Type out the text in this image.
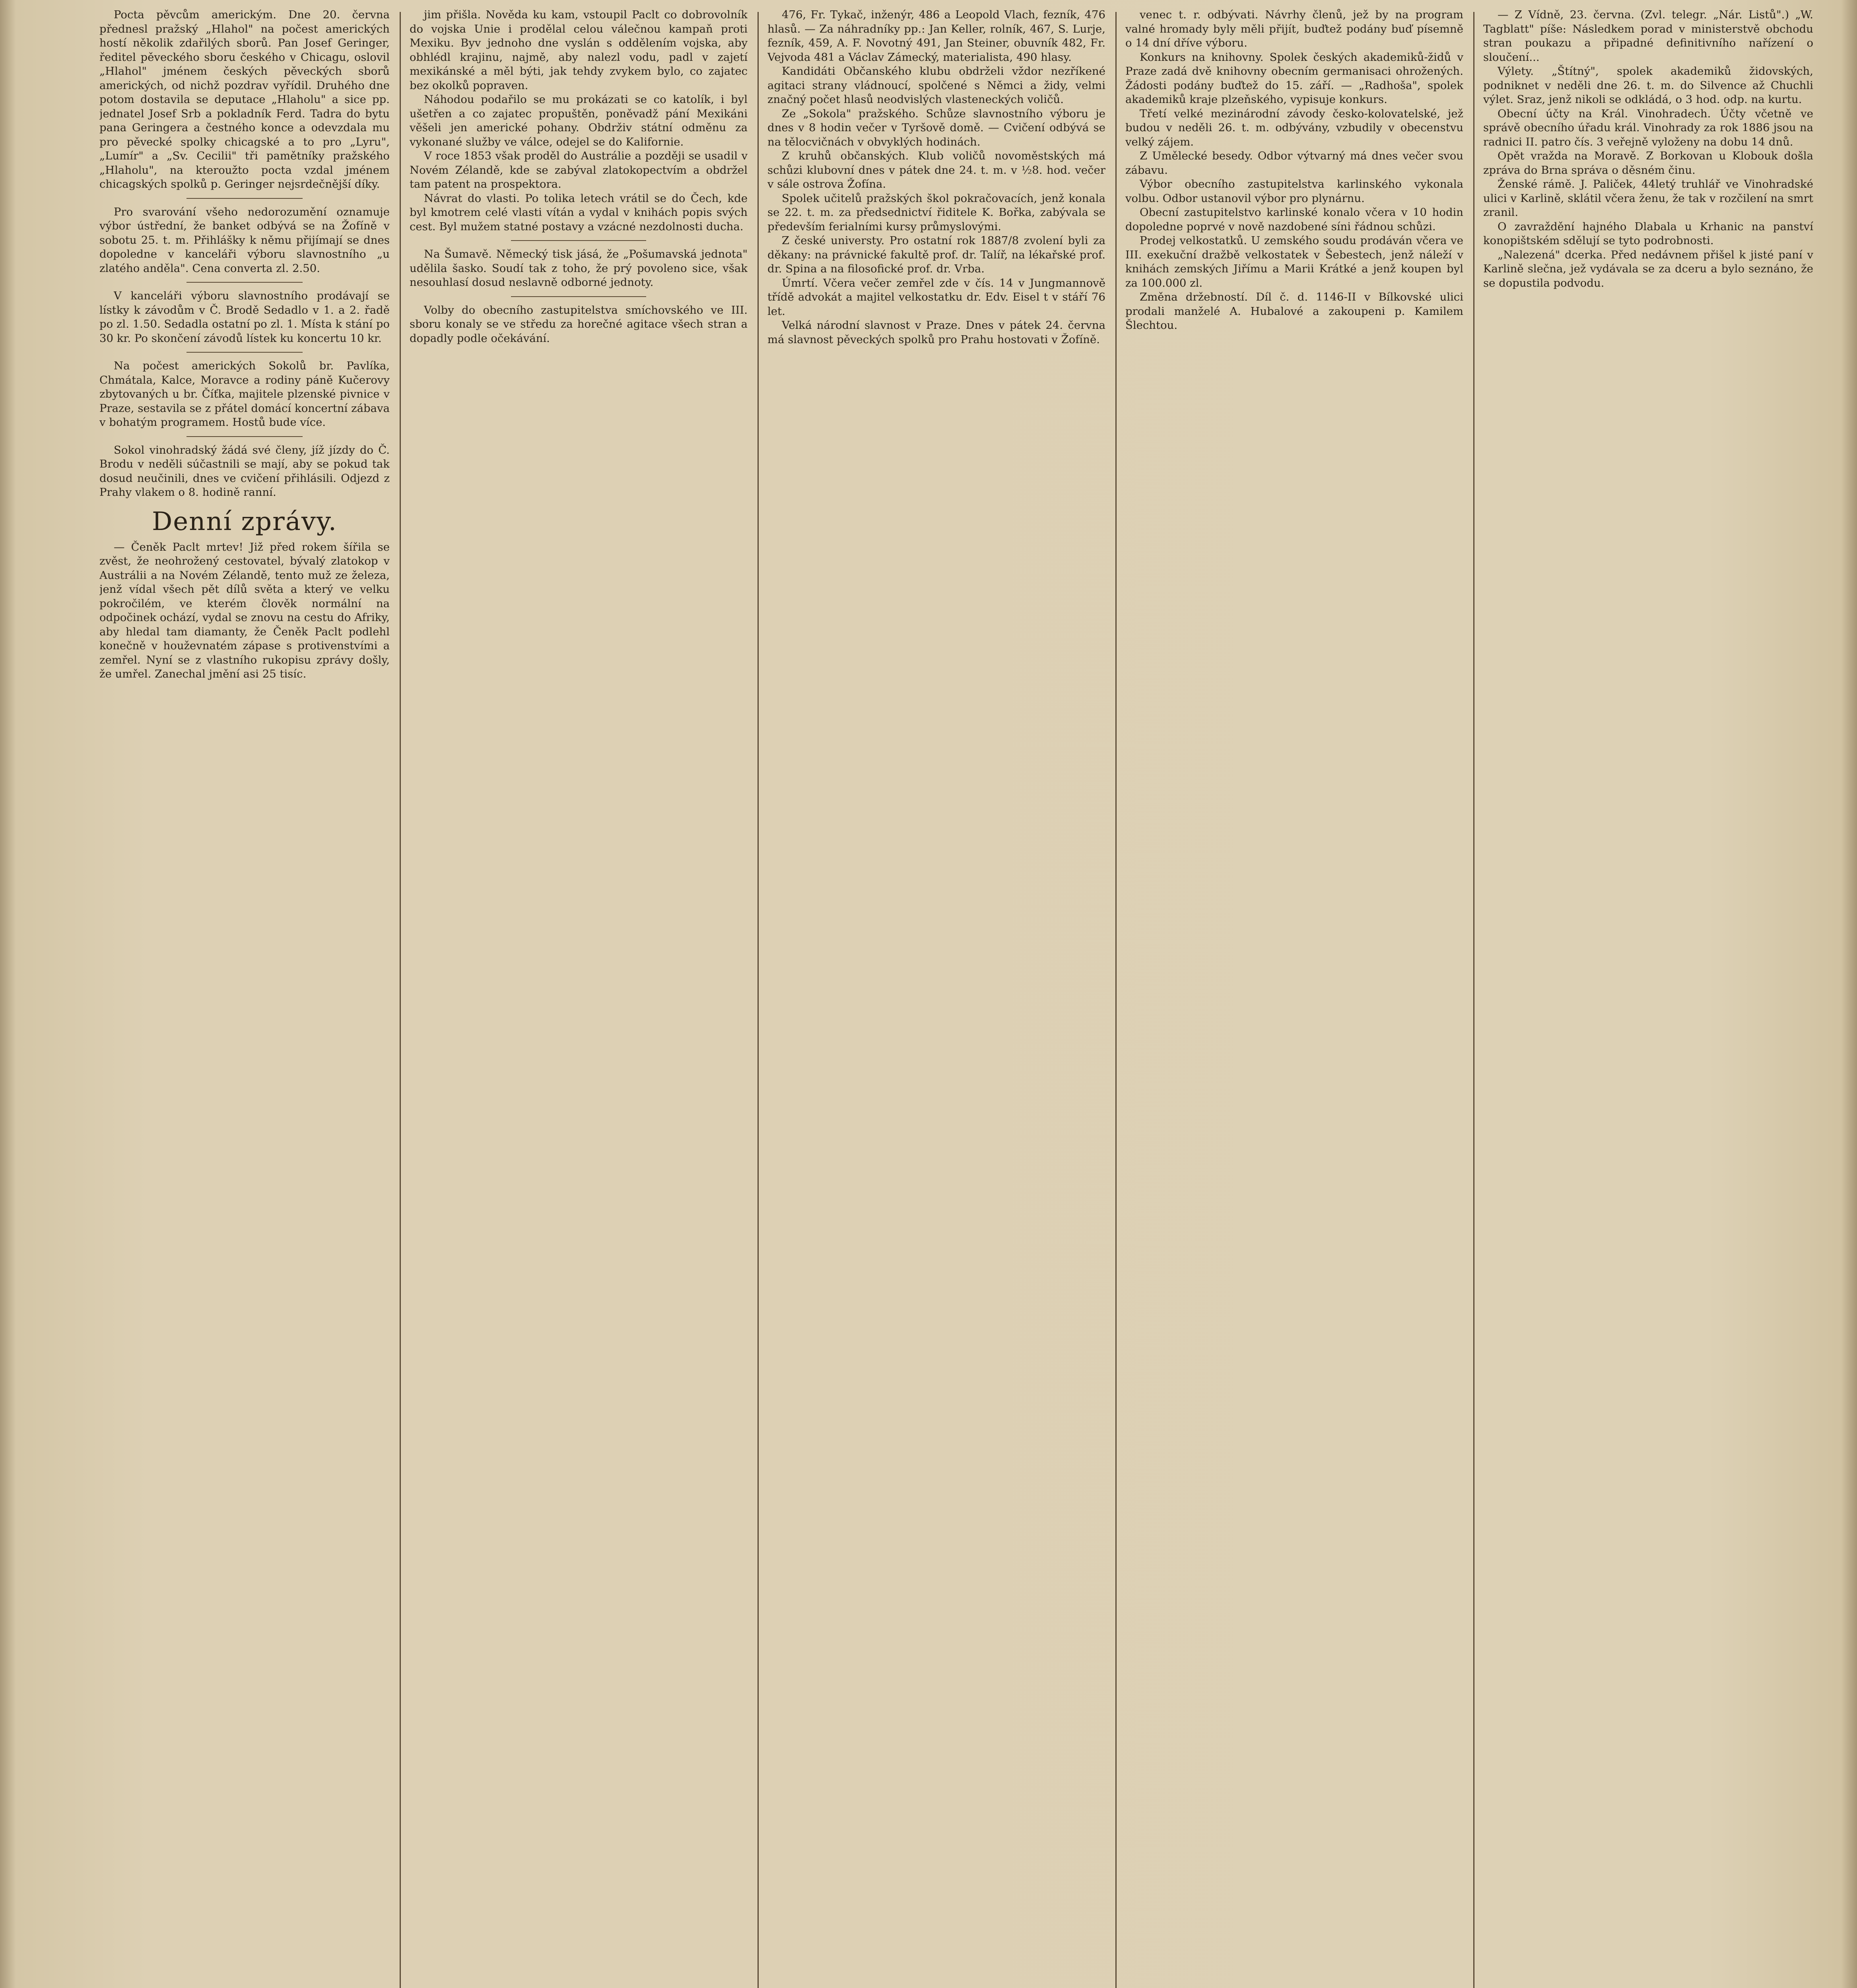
Pocta pěvcům americkým. Dne 20. června přednesl pražský „Hlahol" na počest amerických hostí několik zdařilých sborů. Pan Josef Geringer, ředitel pěveckého sboru českého v Chicagu, oslovil „Hlahol" jménem českých pěveckých sborů amerických, od nichž pozdrav vyřídil. Druhého dne potom dostavila se deputace „Hlaholu" a sice pp. jednatel Josef Srb a pokladník Ferd. Tadra do bytu pana Geringera a čestného konce a odevzdala mu pro pěvecké spolky chicagské a to pro „Lyru", „Lumír" a „Sv. Cecilii" tři pamětníky pražského „Hlaholu", na kteroužto pocta vzdal jménem chicagských spolků p. Geringer nejsrdečnější díky.

Pro svarování všeho nedorozumění oznamuje výbor ústřední, že banket odbývá se na Žofíně v sobotu 25. t. m. Přihlášky k němu přijímají se dnes dopoledne v kanceláři výboru slavnostního „u zlatého anděla". Cena converta zl. 2.50.

V kanceláři výboru slavnostního prodávají se lístky k závodům v Č. Brodě Sedadlo v 1. a 2. řadě po zl. 1.50. Sedadla ostatní po zl. 1. Místa k stání po 30 kr. Po skončení závodů lístek ku koncertu 10 kr.

Na počest amerických Sokolů br. Pavlíka, Chmátala, Kalce, Moravce a rodiny páně Kučerovy zbytovaných u br. Číťka, majitele plzenské pivnice v Praze, sestavila se z přátel domácí koncertní zábava v bohatým programem. Hostů bude více.

Sokol vinohradský žádá své členy, jíž jízdy do Č. Brodu v neděli súčastnili se mají, aby se pokud tak dosud neučinili, dnes ve cvičení přihlásili. Odjezd z Prahy vlakem o 8. hodině ranní.

Denní zprávy.

— Čeněk Paclt mrtev! Již před rokem šířila se zvěst, že neohrožený cestovatel, bývalý zlatokop v Austrálii a na Novém Zélandě, tento muž ze železa, jenž vídal všech pět dílů světa a který ve velku pokročilém, ve kterém člověk normální na odpočinek ochází, vydal se znovu na cestu do Afriky, aby hledal tam diamanty, že Čeněk Paclt podlehl konečně v houževnatém zápase s protivenstvími a zemřel. Nyní se z vlastního rukopisu zprávy došly, že umřel. Zanechal jmění asi 25 tisíc.

jim přišla. Nověda ku kam, vstoupil Paclt co dobrovolník do vojska Unie i prodělal celou válečnou kampaň proti Mexiku. Byv jednoho dne vyslán s oddělením vojska, aby obhlédl krajinu, najmě, aby nalezl vodu, padl v zajetí mexikánské a měl býti, jak tehdy zvykem bylo, co zajatec bez okolků popraven.

Náhodou podařilo se mu prokázati se co katolík, i byl ušetřen a co zajatec propuštěn, poněvadž pání Mexikáni věšeli jen americké pohany. Obdrživ státní odměnu za vykonané služby ve válce, odejel se do Kalifornie.

V roce 1853 však proděl do Austrálie a později se usadil v Novém Zélandě, kde se zabýval zlatokopectvím a obdržel tam patent na prospektora.

Návrat do vlasti. Po tolika letech vrátil se do Čech, kde byl kmotrem celé vlasti vítán a vydal v knihách popis svých cest. Byl mužem statné postavy a vzácné nezdolnosti ducha.

Na Šumavě. Německý tisk jásá, že „Pošumavská jednota" udělila šasko. Soudí tak z toho, že prý povoleno sice, však nesouhlasí dosud neslavně odborné jednoty.

Volby do obecního zastupitelstva smíchovského ve III. sboru konaly se ve středu za horečné agitace všech stran a dopadly podle očekávání.

476, Fr. Tykač, inženýr, 486 a Leopold Vlach, fezník, 476 hlasů. — Za náhradníky pp.: Jan Keller, rolník, 467, S. Lurje, fezník, 459, A. F. Novotný 491, Jan Steiner, obuvník 482, Fr. Vejvoda 481 a Václav Zámecký, materialista, 490 hlasy.

Kandidáti Občanského klubu obdrželi vždor nezříkené agitaci strany vládnoucí, spolčené s Němci a židy, velmi značný počet hlasů neodvislých vlasteneckých voličů.

Ze „Sokola" pražského. Schůze slavnostního výboru je dnes v 8 hodin večer v Tyršově domě. — Cvičení odbývá se na tělocvičnách v obvyklých hodinách.

Z kruhů občanských. Klub voličů novoměstských má schůzi klubovní dnes v pátek dne 24. t. m. v ½8. hod. večer v sále ostrova Žofína.

Spolek učitelů pražských škol pokračovacích, jenž konala se 22. t. m. za předsednictví řiditele K. Bořka, zabývala se především ferialními kursy průmyslovými.

Z české universty. Pro ostatní rok 1887/8 zvolení byli za děkany: na právnické fakultě prof. dr. Talíř, na lékařské prof. dr. Spina a na filosofické prof. dr. Vrba.

Úmrtí. Včera večer zemřel zde v čís. 14 v Jungmannově třídě advokát a majitel velkostatku dr. Edv. Eisel t v stáří 76 let.

Velká národní slavnost v Praze. Dnes v pátek 24. června má slavnost pěveckých spolků pro Prahu hostovati v Žofíně.

venec t. r. odbývati. Návrhy členů, jež by na program valné hromady byly měli přijít, buďtež podány buď písemně o 14 dní dříve výboru.

Konkurs na knihovny. Spolek českých akademiků-židů v Praze zadá dvě knihovny obecním germanisaci ohrožených. Žádosti podány buďtež do 15. září. — „Radhoša", spolek akademiků kraje plzeňského, vypisuje konkurs.

Třetí velké mezinárodní závody česko-kolovatelské, jež budou v neděli 26. t. m. odbývány, vzbudily v obecenstvu velký zájem.

Z Umělecké besedy. Odbor výtvarný má dnes večer svou zábavu.

Výbor obecního zastupitelstva karlinského vykonala volbu. Odbor ustanovil výbor pro plynárnu.

Obecní zastupitelstvo karlinské konalo včera v 10 hodin dopoledne poprvé v nově nazdobené síni řádnou schůzi.

Prodej velkostatků. U zemského soudu prodáván včera ve III. exekuční dražbě velkostatek v Šebestech, jenž náleží v knihách zemských Jiřímu a Marii Krátké a jenž koupen byl za 100.000 zl.

Změna držebností. Díl č. d. 1146-II v Bílkovské ulici prodali manželé A. Hubalové a zakoupeni p. Kamilem Šlechtou.

— Z Vídně, 23. června. (Zvl. telegr. „Nár. Listů".) „W. Tagblatt" píše: Následkem porad v ministerstvě obchodu stran poukazu a připadné definitivního nařízení o sloučení...

Výlety. „Štítný", spolek akademiků židovských, podniknet v neděli dne 26. t. m. do Silvence až Chuchli výlet. Sraz, jenž nikoli se odkládá, o 3 hod. odp. na kurtu.

Obecní účty na Král. Vinohradech. Účty včetně ve správě obecního úřadu král. Vinohrady za rok 1886 jsou na radnici II. patro čís. 3 veřejně vyloženy na dobu 14 dnů.

Opět vražda na Moravě. Z Borkovan u Klobouk došla zpráva do Brna správa o děsném činu.

Ženské rámě. J. Paliček, 44letý truhlář ve Vinohradské ulici v Karlině, sklátil včera ženu, že tak v rozčilení na smrt zranil.

O zavraždění hajného Dlabala u Krhanic na panství konopištském sdělují se tyto podrobnosti.

„Nalezená" dcerka. Před nedávnem přišel k jisté paní v Karlině slečna, jež vydávala se za dceru a bylo seznáno, že se dopustila podvodu.
